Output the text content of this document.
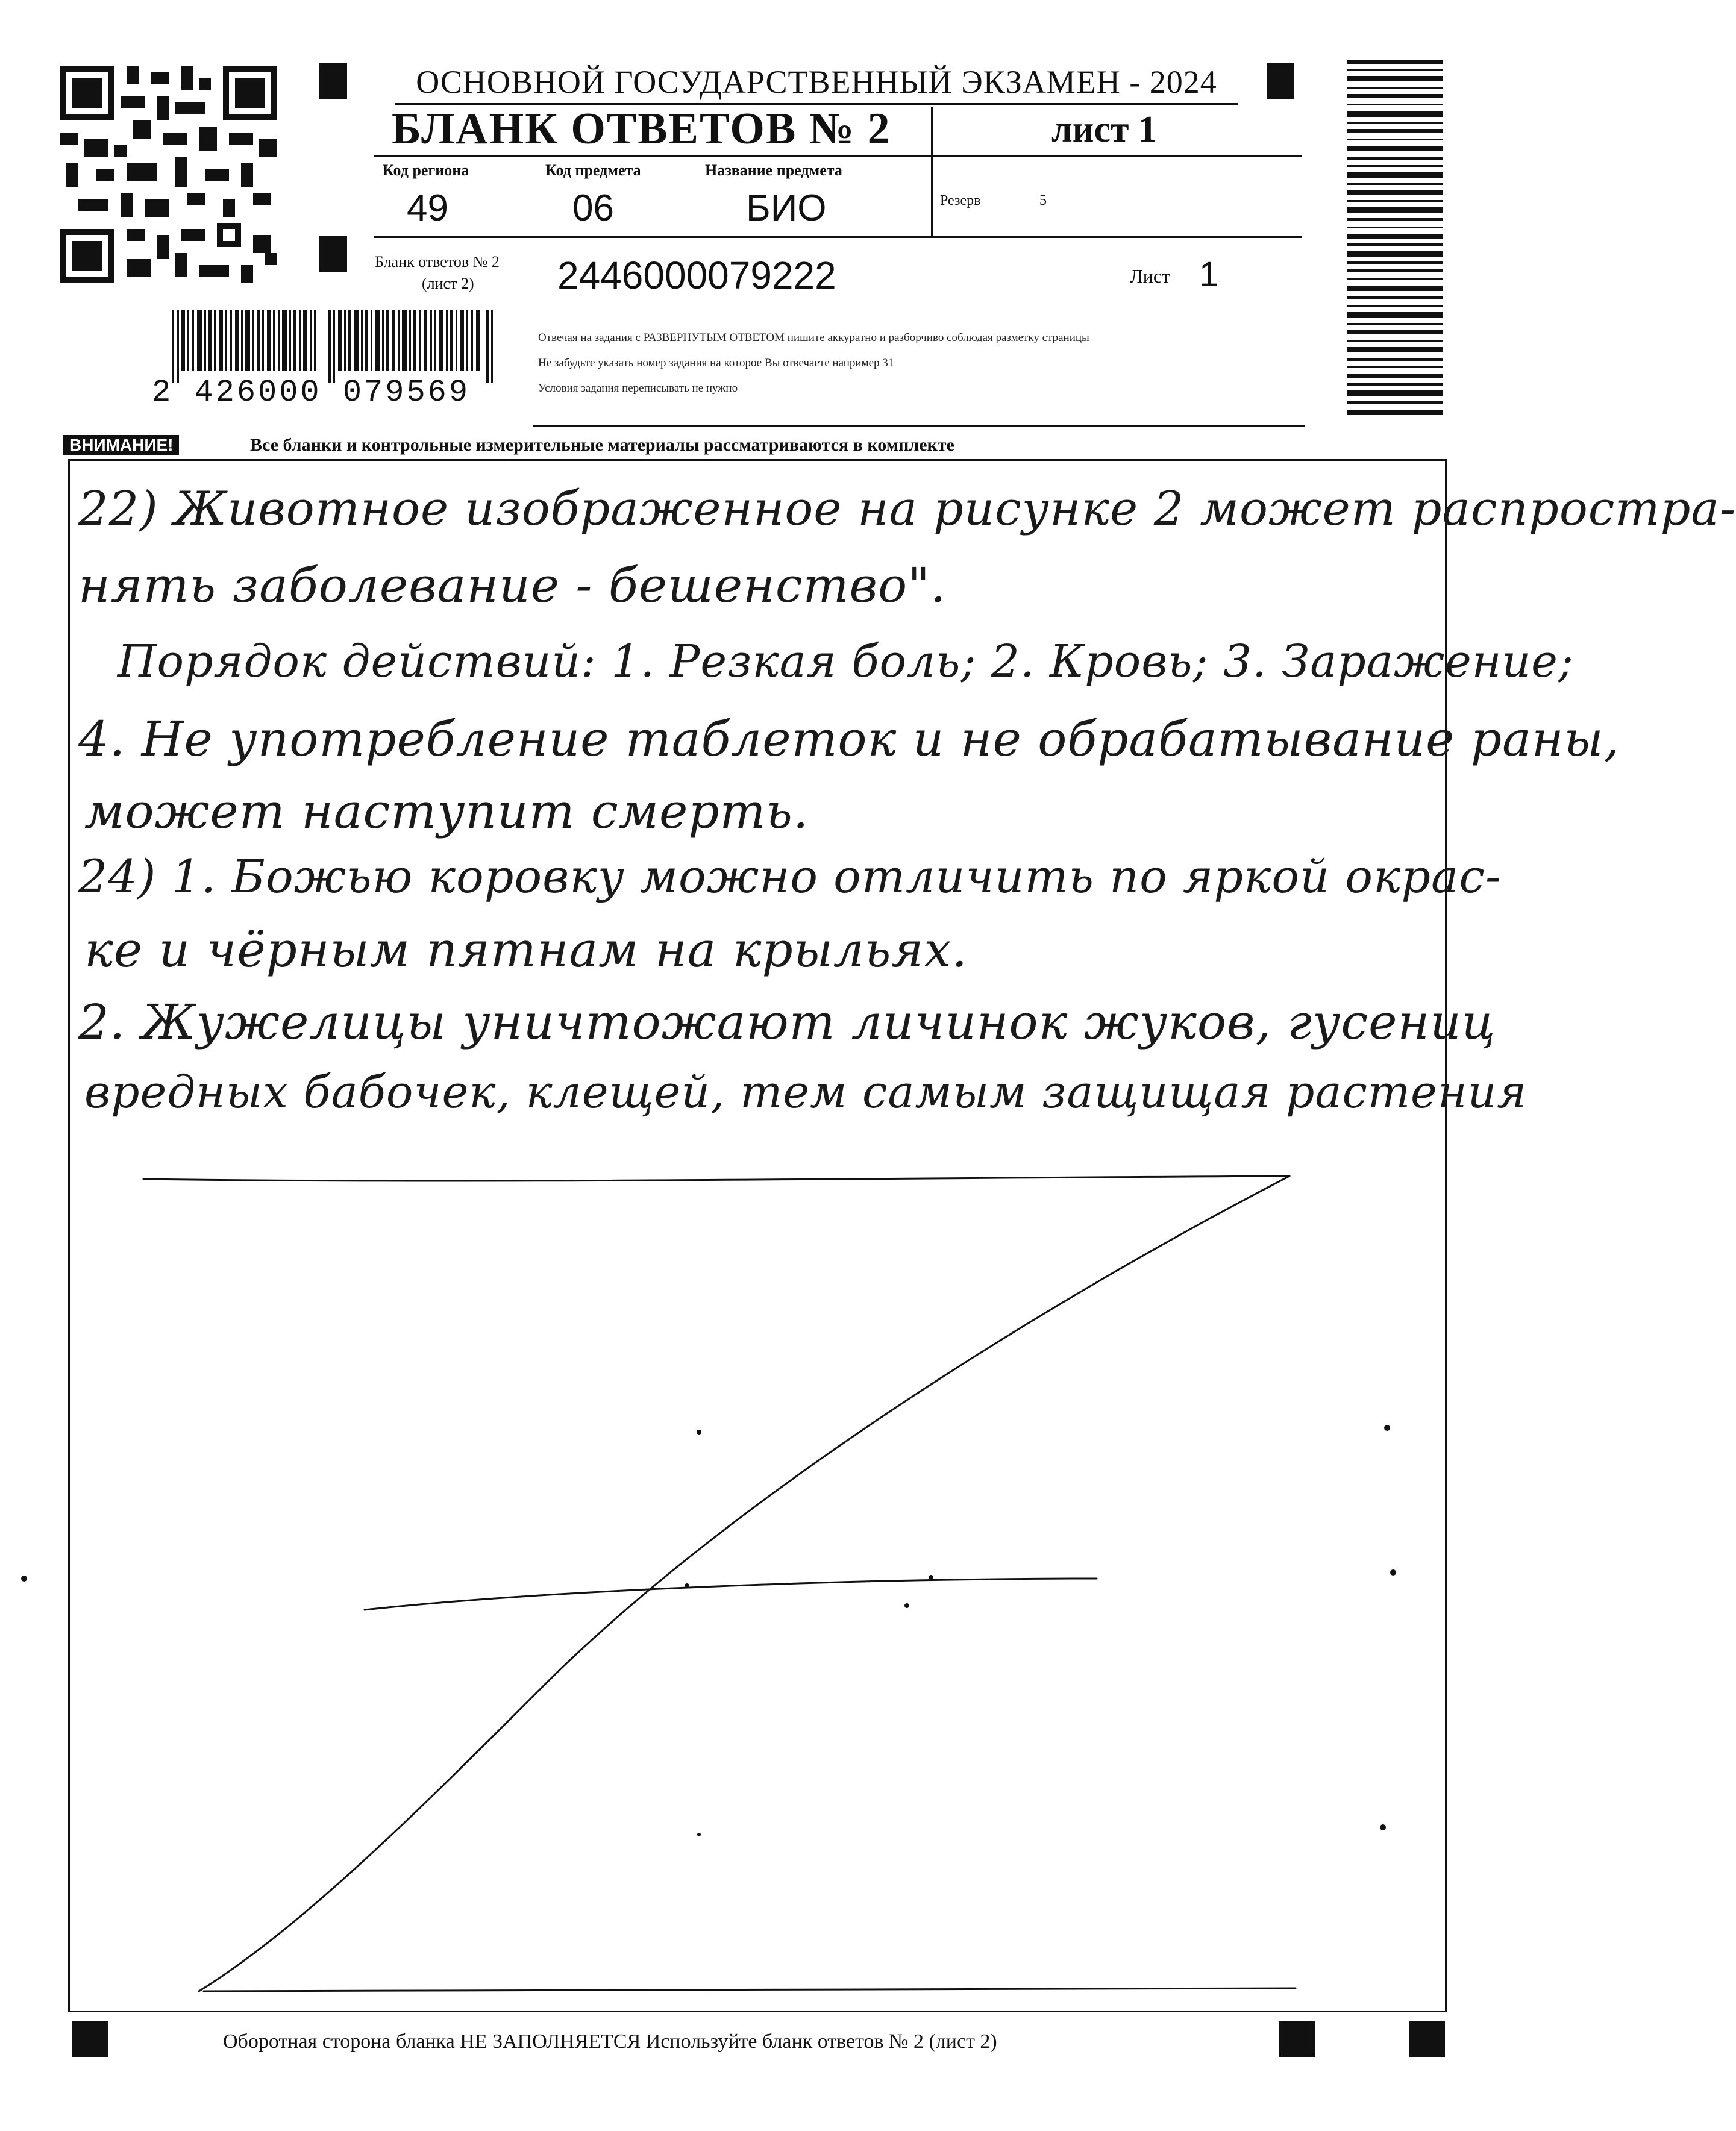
2 426000 079569
ОСНОВНОЙ ГОСУДАРСТВЕННЫЙ ЭКЗАМЕН - 2024
БЛАНК ОТВЕТОВ № 2	лист 1
Код региона
49
Код предмета
06
Название предмета
БИО	Резерв	5
Бланк ответов № 2
(лист 2) 2446000079222	Лист 1
Отвечая на задания с РАЗВЕРНУТЫМ ОТВЕТОМ пишите аккуратно и разборчиво соблюдая разметку страницы
Не забудьте указать номер задания на которое Вы отвечаете например 31
Условия задания переписывать не нужно
ВНИМАНИЕ!	Все бланки и контрольные измерительные материалы рассматриваются в комплекте
22) Животное изображенное на рисунке 2 может распростра-
нять заболевание - бешенство".
Порядок действий: 1. Резкая боль; 2. Кровь; 3. Заражение;
4. Не употребление таблеток и не обрабатывание раны,
может наступит смерть.
24) 1. Божью коровку можно отличить по яркой окрас-
ке и чёрным пятнам на крыльях.
2. Жужелицы уничтожают личинок жуков, гусениц
вредных бабочек, клещей, тем самым защищая растения
Оборотная сторона бланка НЕ ЗАПОЛНЯЕТСЯ Используйте бланк ответов № 2 (лист 2)
